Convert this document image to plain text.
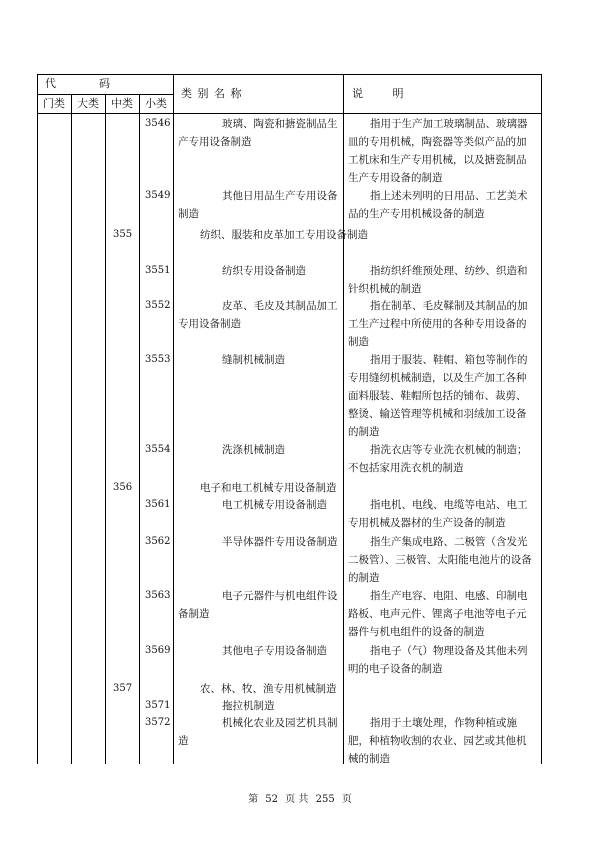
代	码
门类 大类 中类 小类
类 别 名 称	说 明
3546	玻璃、陶瓷和搪瓷制品生产专用设备制造
指用于生产加工玻璃制品、玻璃器皿的专用机械，陶瓷器等类似产品的加工机床和生产专用机械，以及搪瓷制品生产专用设备的制造
3549	其他日用品生产专用设备制造
指上述未列明的日用品、工艺美术品的生产专用机械设备的制造
355	纺织、服装和皮革加工专用设备制造
3551	纺织专用设备制造	指纺织纤维预处理、纺纱、织造和针织机械的制造
3552	皮革、毛皮及其制品加工专用设备制造
指在制革、毛皮鞣制及其制品的加工生产过程中所使用的各种专用设备的制造
3553	缝制机械制造	指用于服装、鞋帽、箱包等制作的专用缝纫机械制造，以及生产加工各种面料服装、鞋帽所包括的铺布、裁剪、整烫、输送管理等机械和羽绒加工设备的制造
3554	洗涤机械制造	指洗衣店等专业洗衣机械的制造；不包括家用洗衣机的制造
356	电子和电工机械专用设备制造
3561	电工机械专用设备制造	指电机、电线、电缆等电站、电工专用机械及器材的生产设备的制造
3562	半导体器件专用设备制造	指生产集成电路、二极管（含发光二极管）、三极管、太阳能电池片的设备的制造
3563	电子元器件与机电组件设备制造
指生产电容、电阻、电感、印制电路板、电声元件、锂离子电池等电子元器件与机电组件的设备的制造
3569	其他电子专用设备制造	指电子（气）物理设备及其他未列明的电子设备的制造
357	农、林、牧、渔专用机械制造
3571	拖拉机制造
3572	机械化农业及园艺机具制造
指用于土壤处理，作物种植或施肥，种植物收割的农业、园艺或其他机械的制造
第 52 页 共 255 页
